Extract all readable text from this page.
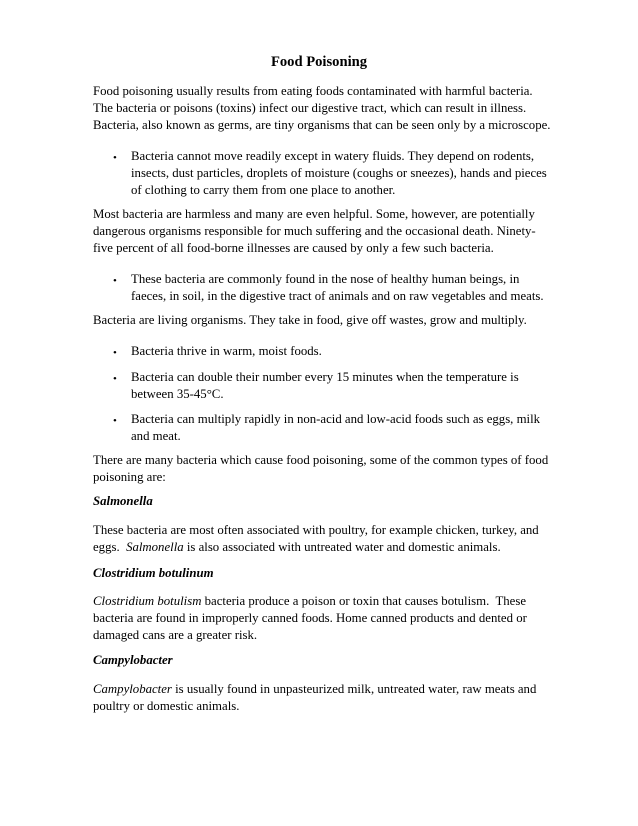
Food Poisoning

Food poisoning usually results from eating foods contaminated with harmful bacteria.

The bacteria or poisons (toxins) infect our digestive tract, which can result in illness.

Bacteria, also known as germs, are tiny organisms that can be seen only by a microscope.

• Bacteria cannot move readily except in watery fluids. They depend on rodents,

insects, dust particles, droplets of moisture (coughs or sneezes), hands and pieces

of clothing to carry them from one place to another.

Most bacteria are harmless and many are even helpful. Some, however, are potentially

dangerous organisms responsible for much suffering and the occasional death. Ninety-

five percent of all food-borne illnesses are caused by only a few such bacteria.

• These bacteria are commonly found in the nose of healthy human beings, in

faeces, in soil, in the digestive tract of animals and on raw vegetables and meats.

Bacteria are living organisms. They take in food, give off wastes, grow and multiply.

• Bacteria thrive in warm, moist foods.

• Bacteria can double their number every 15 minutes when the temperature is

between 35-45°C.

• Bacteria can multiply rapidly in non-acid and low-acid foods such as eggs, milk

and meat.

There are many bacteria which cause food poisoning, some of the common types of food

poisoning are:

Salmonella

These bacteria are most often associated with poultry, for example chicken, turkey, and

eggs.  Salmonella is also associated with untreated water and domestic animals.

Clostridium botulinum

Clostridium botulism bacteria produce a poison or toxin that causes botulism.  These

bacteria are found in improperly canned foods. Home canned products and dented or

damaged cans are a greater risk.

Campylobacter

Campylobacter is usually found in unpasteurized milk, untreated water, raw meats and

poultry or domestic animals.
